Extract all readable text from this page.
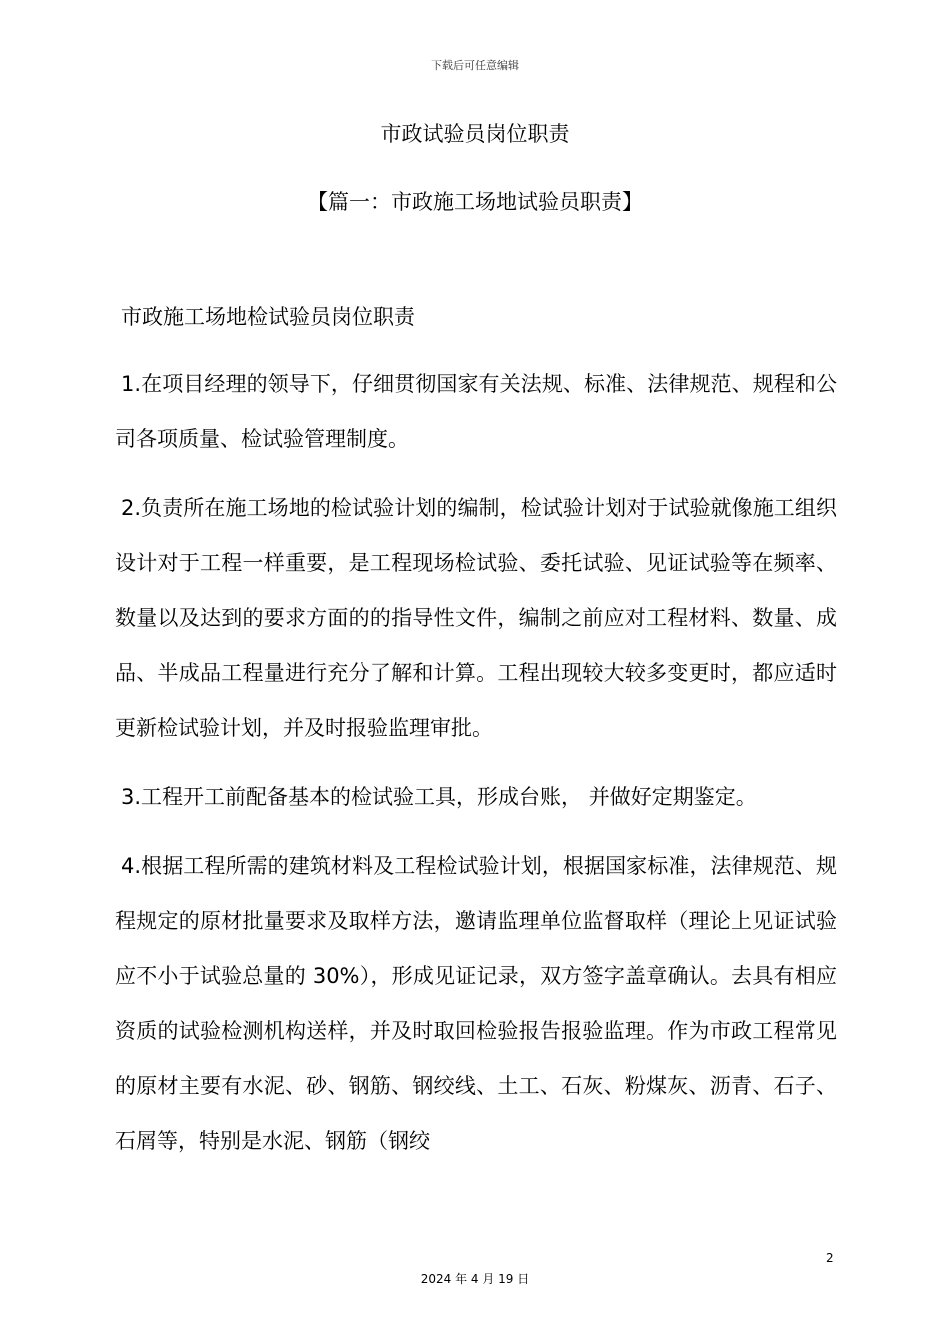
下载后可任意编辑
市政试验员岗位职责
【篇一：市政施工场地试验员职责】

市政施工场地检试验员岗位职责

1.在项目经理的领导下，仔细贯彻国家有关法规、标准、法律规范、规程和公司各项质量、检试验管理制度。

2.负责所在施工场地的检试验计划的编制，检试验计划对于试验就像施工组织设计对于工程一样重要，是工程现场检试验、委托试验、见证试验等在频率、数量以及达到的要求方面的的指导性文件，编制之前应对工程材料、数量、成品、半成品工程量进行充分了解和计算。工程出现较大较多变更时，都应适时更新检试验计划，并及时报验监理审批。

3.工程开工前配备基本的检试验工具，形成台账， 并做好定期鉴定。

4.根据工程所需的建筑材料及工程检试验计划，根据国家标准，法律规范、规程规定的原材批量要求及取样方法，邀请监理单位监督取样（理论上见证试验应不小于试验总量的 30%），形成见证记录，双方签字盖章确认。去具有相应资质的试验检测机构送样，并及时取回检验报告报验监理。作为市政工程常见的原材主要有水泥、砂、钢筋、钢绞线、土工、石灰、粉煤灰、沥青、石子、石屑等，特别是水泥、钢筋（钢绞

2
2024 年 4 月 19 日
